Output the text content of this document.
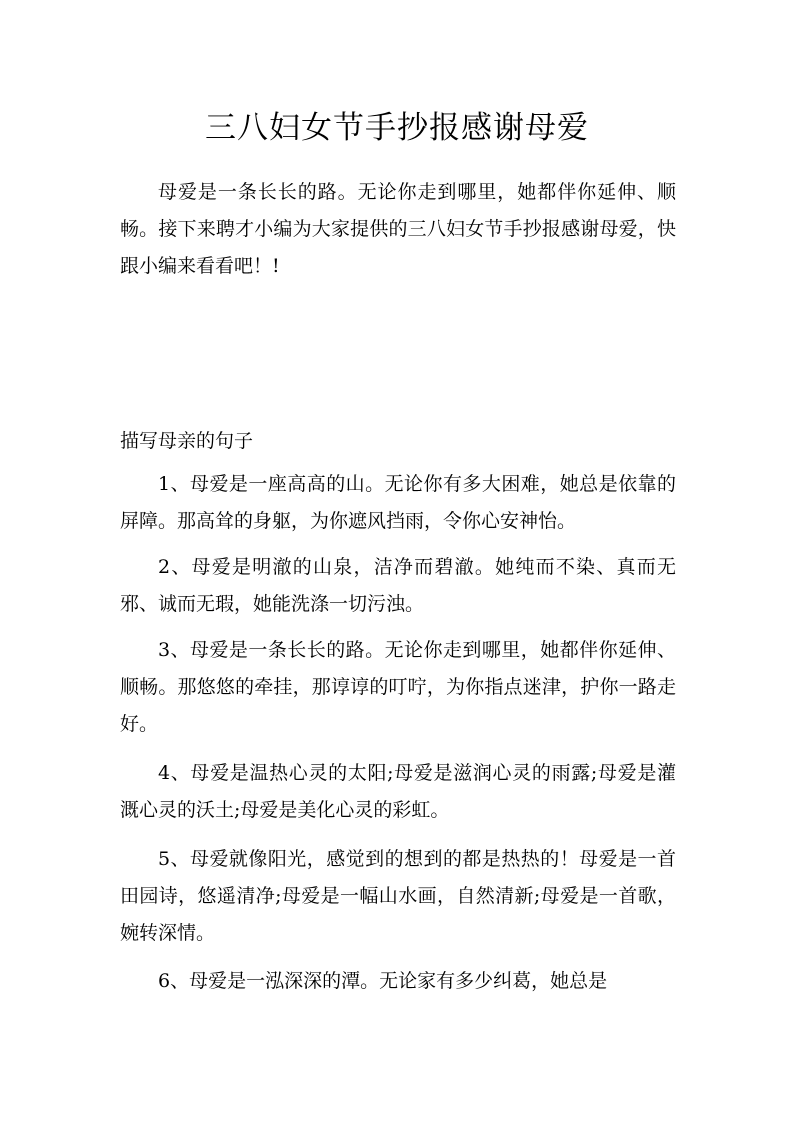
三八妇女节手抄报感谢母爱

母爱是一条长长的路。无论你走到哪里，她都伴你延伸、顺畅。接下来聘才小编为大家提供的三八妇女节手抄报感谢母爱，快跟小编来看看吧！!

描写母亲的句子

1、母爱是一座高高的山。无论你有多大困难，她总是依靠的屏障。那高耸的身躯，为你遮风挡雨，令你心安神怡。

2、母爱是明澈的山泉，洁净而碧澈。她纯而不染、真而无邪、诚而无瑕，她能洗涤一切污浊。

3、母爱是一条长长的路。无论你走到哪里，她都伴你延伸、顺畅。那悠悠的牵挂，那谆谆的叮咛，为你指点迷津，护你一路走好。

4、母爱是温热心灵的太阳;母爱是滋润心灵的雨露;母爱是灌溉心灵的沃土;母爱是美化心灵的彩虹。

5、母爱就像阳光，感觉到的想到的都是热热的！母爱是一首田园诗，悠遥清净;母爱是一幅山水画，自然清新;母爱是一首歌，婉转深情。

6、母爱是一泓深深的潭。无论家有多少纠葛，她总是
